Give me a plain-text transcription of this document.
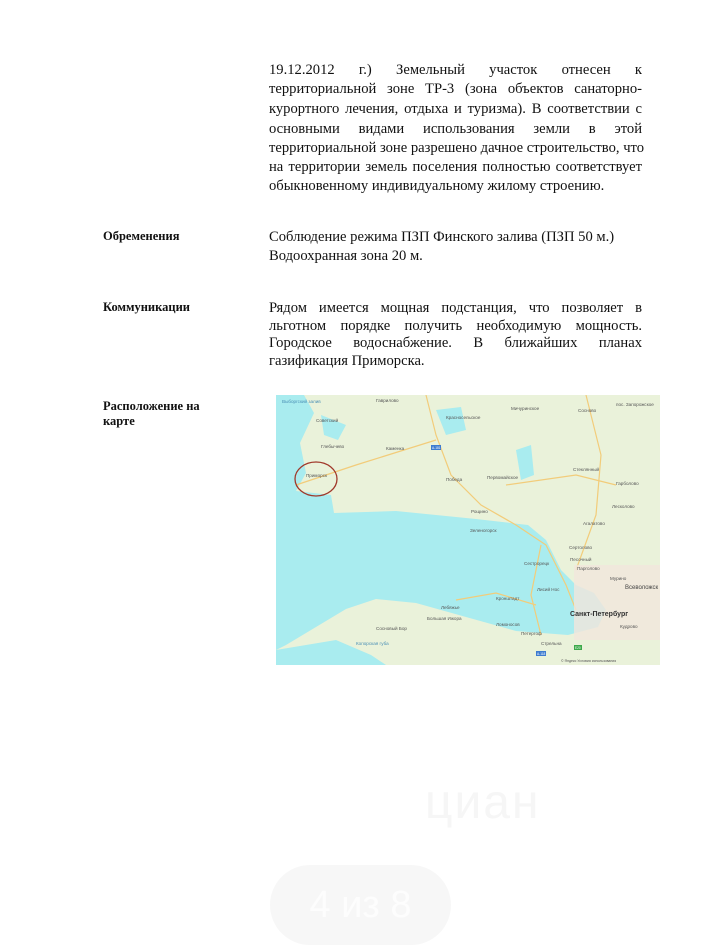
19.12.2012 г.) Земельный участок отнесен к
территориальной зоне ТР-3 (зона объектов санаторно-
курортного лечения, отдыха и туризма). В соответствии с
основными видами использования земли в этой
территориальной зоне разрешено дачное строительство, что
на территории земель поселения полностью соответствует
обыкновенному индивидуальному жилому строению.
Обременения	Соблюдение режима ПЗП Финского залива (ПЗП 50 м.)
Водоохранная зона 20 м.
Коммуникации	Рядом имеется мощная подстанция, что позволяет в
льготном порядке получить необходимую мощность.
Городское водоснабжение. В ближайших планах
газификация Приморска.
Расположение на карте
А-181
А-118
Е20
Выборгский залив	Гаврилово
Советский
Красносельское
Мичуринское	Сосново
пос. Запорожское
Глебычево	Каменка
Приморск
Победа	Первомайское
Стеклянный
Гарболово
Лесколово
Рощино
Агалатово
Зеленогорск
Сертолово
Песочный
Парголово
Сестрорецк
Мурино
Всеволожск
Лисий Нос
Кронштадт
Санкт-Петербург
Лебяжье
Большая Ижора
Сосновый Бор
Ломоносов	Кудрово
Петергоф
Стрельна
Копорская губа
© Яндекс Условия использования
циан
4 из 8
